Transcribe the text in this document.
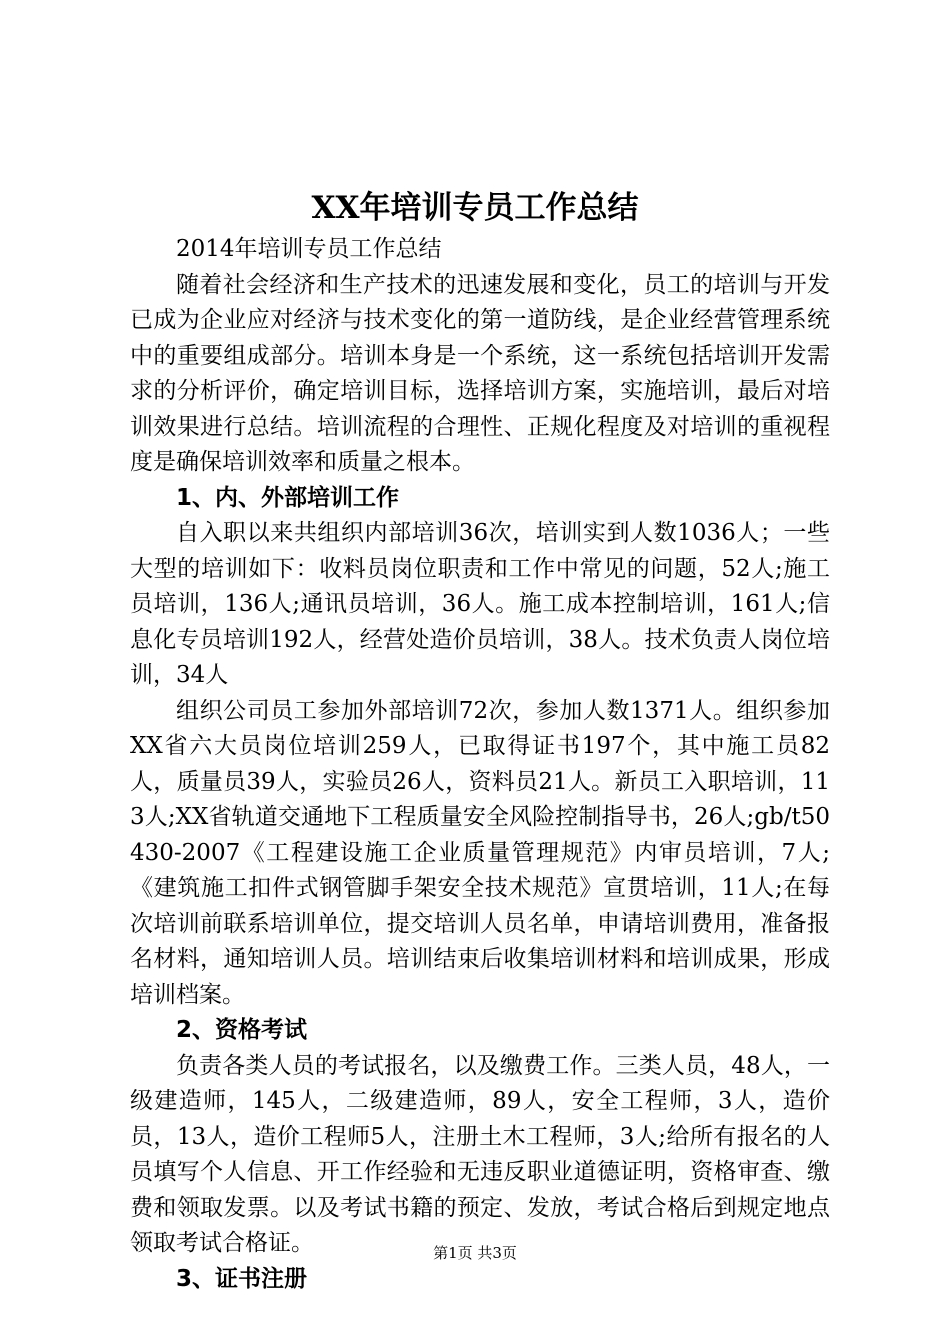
XX年培训专员工作总结

2014年培训专员工作总结

随着社会经济和生产技术的迅速发展和变化，员工的培训与开发已成为企业应对经济与技术变化的第一道防线，是企业经营管理系统中的重要组成部分。培训本身是一个系统，这一系统包括培训开发需求的分析评价，确定培训目标，选择培训方案，实施培训，最后对培训效果进行总结。培训流程的合理性、正规化程度及对培训的重视程度是确保培训效率和质量之根本。

1、内、外部培训工作

自入职以来共组织内部培训36次，培训实到人数1036人；一些大型的培训如下：收料员岗位职责和工作中常见的问题，52人;施工员培训，136人;通讯员培训，36人。施工成本控制培训，161人;信息化专员培训192人，经营处造价员培训，38人。技术负责人岗位培训，34人

组织公司员工参加外部培训72次，参加人数1371人。组织参加XX省六大员岗位培训259人，已取得证书197个，其中施工员82人，质量员39人，实验员26人，资料员21人。新员工入职培训，113人;XX省轨道交通地下工程质量安全风险控制指导书，26人;gb/t50430-2007《工程建设施工企业质量管理规范》内审员培训，7人;《建筑施工扣件式钢管脚手架安全技术规范》宣贯培训，11人;在每次培训前联系培训单位，提交培训人员名单，申请培训费用，准备报名材料，通知培训人员。培训结束后收集培训材料和培训成果，形成培训档案。

2、资格考试

负责各类人员的考试报名，以及缴费工作。三类人员，48人，一级建造师，145人，二级建造师，89人，安全工程师，3人，造价员，13人，造价工程师5人，注册土木工程师，3人;给所有报名的人员填写个人信息、开工作经验和无违反职业道德证明，资格审查、缴费和领取发票。以及考试书籍的预定、发放，考试合格后到规定地点领取考试合格证。

3、证书注册

第1页 共3页
